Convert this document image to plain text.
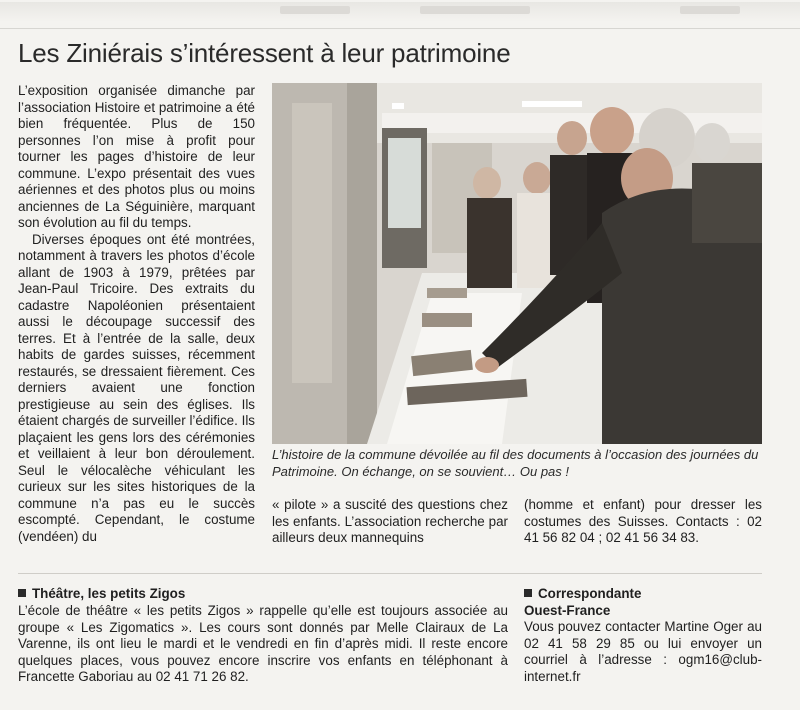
Les Ziniérais s’intéressent à leur patrimoine

L’exposition organisée dimanche par l’association Histoire et patrimoine a été bien fréquentée. Plus de 150 personnes l’on mise à profit pour tourner les pages d’histoire de leur commune. L’expo présentait des vues aériennes et des photos plus ou moins anciennes de La Séguinière, marquant son évolution au fil du temps.

Diverses époques ont été montrées, notamment à travers les photos d’école allant de 1903 à 1979, prêtées par Jean-Paul Tricoire. Des extraits du cadastre Napoléonien présentaient aussi le découpage successif des terres. Et à l’entrée de la salle, deux habits de gardes suisses, récemment restaurés, se dressaient fièrement. Ces derniers avaient une fonction prestigieuse au sein des églises. Ils étaient chargés de surveiller l’édifice. Ils plaçaient les gens lors des cérémonies et veillaient à leur bon déroulement. Seul le vélocalèche véhiculant les curieux sur les sites historiques de la commune n’a pas eu le succès escompté. Cependant, le costume (vendéen) du

L’histoire de la commune dévoilée au fil des documents à l’occasion des journées du Patrimoine. On échange, on se souvient… Ou pas !

« pilote » a suscité des questions chez les enfants. L’association recherche par ailleurs deux mannequins

(homme et enfant) pour dresser les costumes des Suisses. Contacts : 02 41 56 82 04 ; 02 41 56 34 83.

Théâtre, les petits Zigos

L’école de théâtre « les petits Zigos » rappelle qu’elle est toujours associée au groupe « Les Zigomatics ». Les cours sont donnés par Melle Clairaux de La Varenne, ils ont lieu le mardi et le vendredi en fin d’après midi. Il reste encore quelques places, vous pouvez encore inscrire vos enfants en téléphonant à Francette Gaboriau au 02 41 71 26 82.

Correspondante
Ouest-France

Vous pouvez contacter Martine Oger au 02 41 58 29 85 ou lui envoyer un courriel à l’adresse : ogm16@club-internet.fr
